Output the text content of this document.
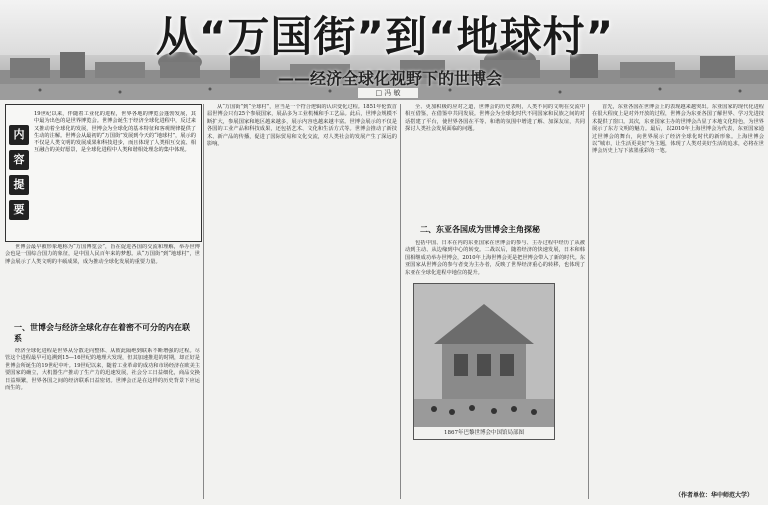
从“万国街”到“地球村”
——经济全球化视野下的世博会
□ 冯 敏
内
容
提
要
19世纪以来，伴随着工业化的进程，世界各地的博览会蓬勃发展，其中最为出色的是世界博览会。世博会诞生于经济全球化进程中，反过来又推动着全球化的发展，世博会为全球化的基本特征和客观规律提供了生动的注解。世博会从最初的“万国街”发展到今天的“地球村”，展示的不仅是人类文明的发展成果和科技进步，而且体现了人类相互交流、相互融合的美好愿景，是全球化进程中人类和谐相处理念的集中体现。

世博会最早被形象地称为“万国博览会”，旨在促进各国的交流和理解，举办世博会也是一国综合国力的象征，是中国人民百年来的梦想。从“万国街”到“地球村”，世博会展示了人类文明的丰硕成果，成为推动全球化发展的重要力量。

一、世博会与经济全球化存在着密不可分的内在联系

经济全球化进程是世界从分散走向整体、从彼此隔绝到联系不断增强的过程。尽管这个进程最早可追溯到15—16世纪的地理大发现，但其加速推进的时期，却正好是世博会所诞生的19世纪中叶。19世纪以来，随着工业革命的成功和市场经济在欧美主要国家的确立，大机器生产推动了生产力的迅速发展，社会分工日益细化，商品交换日益频繁，世界各国之间的经济联系日益密切。世博会正是在这样的历史背景下应运而生的。

从“万国街”到“全球村”，应当是一个符合逻辑的认识变化过程。1851年伦敦首届世博会只有25个参展国家，展品多为工业机械和手工艺品。此后，世博会规模不断扩大，参展国家和地区越来越多，展示内容也越来越丰富。世博会展示的不仅是各国的工业产品和科技成果，还包括艺术、文化和生活方式等。世博会推动了新技术、新产品的传播，促进了国际贸易和文化交流，对人类社会的发展产生了深远的影响。

全、更加积极的应对之道，世博会的历史表明，人类不同的文明在交流中相互借鉴，在借鉴中共同发展。世博会为全球化时代不同国家和民族之间的对话搭建了平台，使世界各国在平等、和谐的氛围中增进了解、加深友谊，共同探讨人类社会发展面临的问题。

二、东亚各国成为世博会主角探秘

包括中国、日本在内的东亚国家在世博会的参与、主办过程中经历了从被动到主动、从边缘到中心的转变。二战以后，随着经济的快速发展，日本和韩国相继成功举办世博会，2010年上海世博会更是把世博会带入了新的时代。东亚国家从世博会的参与者变为主办者，反映了世界经济重心的转移，也体现了东亚在全球化进程中地位的提升。

1867年巴黎世博会中国馆局部图

首先，东亚各国在世博会上的表现越来越突出。东亚国家的现代化进程在很大程度上是对外开放的过程，世博会为东亚各国了解世界、学习先进技术提供了窗口。其次，东亚国家主办的世博会凸显了本地文化特色，为世界展示了东方文明的魅力。最后，以2010年上海世博会为代表，东亚国家通过世博会的舞台，向世界展示了经济全球化时代的新形象。上海世博会以“城市，让生活更美好”为主题，体现了人类对美好生活的追求，必将在世博会历史上写下浓墨重彩的一笔。

（作者单位：华中师范大学）
